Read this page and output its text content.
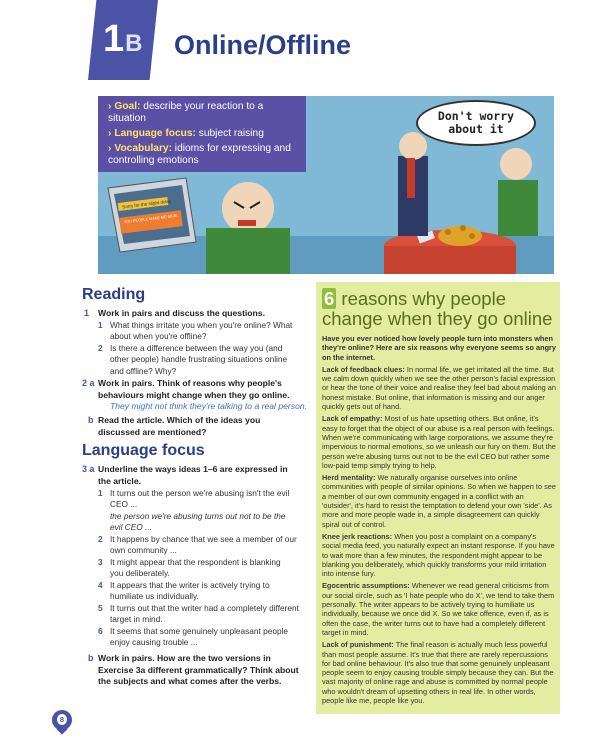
1B Online/Offline
Sorry for the slight delay
YOU PEOPLE MAKE ME SICK!
› Goal: describe your reaction to a situation
› Language focus: subject raising
› Vocabulary: idioms for expressing and controlling emotions
Don't worry about it
Reading
1 Work in pairs and discuss the questions.
1 What things irritate you when you're online? What about when you're offline?
2 Is there a difference between the way you (and other people) handle frustrating situations online and offline? Why?
2 a Work in pairs. Think of reasons why people's behaviours might change when they go online.
They might not think they're talking to a real person.
b Read the article. Which of the ideas you discussed are mentioned?
Language focus
3 a Underline the ways ideas 1–6 are expressed in the article.
1 It turns out the person we're abusing isn't the evil CEO ...
the person we're abusing turns out not to be the evil CEO ...
2 It happens by chance that we see a member of our own community ...
3 It might appear that the respondent is blanking you deliberately.
4 It appears that the writer is actively trying to humiliate us individually.
5 It turns out that the writer had a completely different target in mind.
6 It seems that some genuinely unpleasant people enjoy causing trouble ...
b Work in pairs. How are the two versions in Exercise 3a different grammatically? Think about the subjects and what comes after the verbs.
6 reasons why people change when they go online

Have you ever noticed how lovely people turn into monsters when they're online? Here are six reasons why everyone seems so angry on the internet.

Lack of feedback clues: In normal life, we get irritated all the time. But we calm down quickly when we see the other person's facial expression or hear the tone of their voice and realise they feel bad about making an honest mistake. But online, that information is missing and our anger quickly gets out of hand.

Lack of empathy: Most of us hate upsetting others. But online, it's easy to forget that the object of our abuse is a real person with feelings. When we're communicating with large corporations, we assume they're impervious to normal emotions, so we unleash our fury on them. But the person we're abusing turns out not to be the evil CEO but rather some low-paid temp simply trying to help.

Herd mentality: We naturally organise ourselves into online communities with people of similar opinions. So when we happen to see a member of our own community engaged in a conflict with an 'outsider', it's hard to resist the temptation to defend your own 'side'. As more and more people wade in, a simple disagreement can quickly spiral out of control.

Knee jerk reactions: When you post a complaint on a company's social media feed, you naturally expect an instant response. If you have to wait more than a few minutes, the respondent might appear to be blanking you deliberately, which quickly transforms your mild irritation into intense fury.

Egocentric assumptions: Whenever we read general criticisms from our social circle, such as 'I hate people who do X', we tend to take them personally. The writer appears to be actively trying to humiliate us individually, because we once did X. So we take offence, even if, as is often the case, the writer turns out to have had a completely different target in mind.

Lack of punishment: The final reason is actually much less powerful than most people assume. It's true that there are rarely repercussions for bad online behaviour. It's also true that some genuinely unpleasant people seem to enjoy causing trouble simply because they can. But the vast majority of online rage and abuse is committed by normal people who wouldn't dream of upsetting others in real life. In other words, people like me, people like you.

8
